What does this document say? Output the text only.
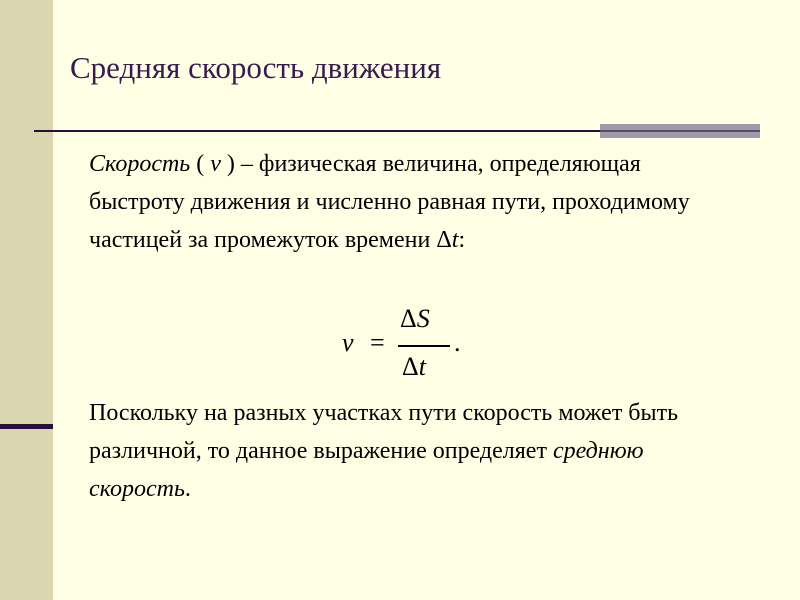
Средняя скорость движения

Скорость ( v ) – физическая величина, определяющая быстроту движения и численно равная пути, проходимому частицей за промежуток времени Δt:

v =
ΔS
Δt
.

Поскольку на разных участках пути скорость может быть различной, то данное выражение определяет среднюю скорость.
